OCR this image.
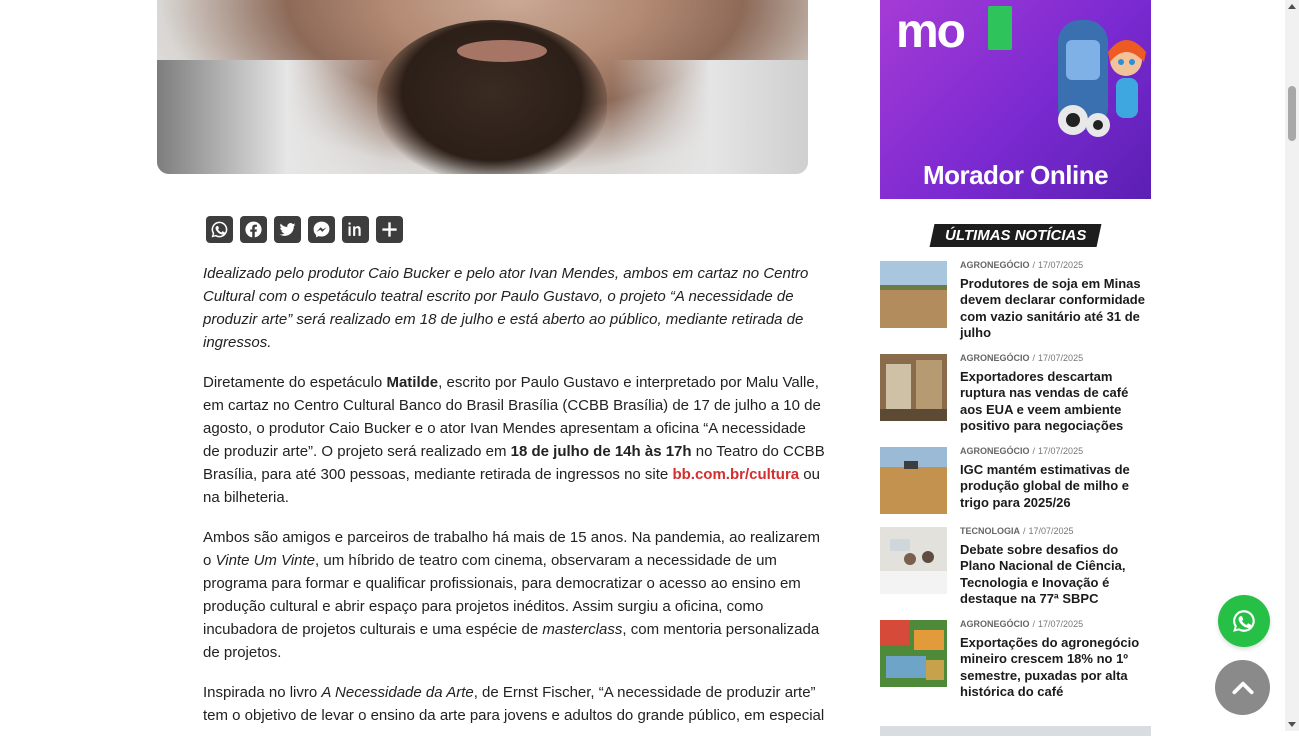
Idealizado pelo produtor Caio Bucker e pelo ator Ivan Mendes, ambos em cartaz no Centro Cultural com o espetáculo teatral escrito por Paulo Gustavo, o projeto “A necessidade de produzir arte” será realizado em 18 de julho e está aberto ao público, mediante retirada de ingressos.

Diretamente do espetáculo Matilde, escrito por Paulo Gustavo e interpretado por Malu Valle, em cartaz no Centro Cultural Banco do Brasil Brasília (CCBB Brasília) de 17 de julho a 10 de agosto, o produtor Caio Bucker e o ator Ivan Mendes apresentam a oficina “A necessidade de produzir arte”. O projeto será realizado em 18 de julho de 14h às 17h no Teatro do CCBB Brasília, para até 300 pessoas, mediante retirada de ingressos no site bb.com.br/cultura ou na bilheteria.

Ambos são amigos e parceiros de trabalho há mais de 15 anos. Na pandemia, ao realizarem o Vinte Um Vinte, um híbrido de teatro com cinema, observaram a necessidade de um programa para formar e qualificar profissionais, para democratizar o acesso ao ensino em produção cultural e abrir espaço para projetos inéditos. Assim surgiu a oficina, como incubadora de projetos culturais e uma espécie de masterclass, com mentoria personalizada de projetos.

Inspirada no livro A Necessidade da Arte, de Ernst Fischer, “A necessidade de produzir arte” tem o objetivo de levar o ensino da arte para jovens e adultos do grande público, em especial

mo
Morador Online
ÚLTIMAS NOTÍCIAS
AGRONEGÓCIO / 17/07/2025
Produtores de soja em Minas devem declarar conformidade com vazio sanitário até 31 de julho
AGRONEGÓCIO / 17/07/2025
Exportadores descartam ruptura nas vendas de café aos EUA e veem ambiente positivo para negociações
AGRONEGÓCIO / 17/07/2025
IGC mantém estimativas de produção global de milho e trigo para 2025/26
TECNOLOGIA / 17/07/2025
Debate sobre desafios do Plano Nacional de Ciência, Tecnologia e Inovação é destaque na 77ª SBPC
AGRONEGÓCIO / 17/07/2025
Exportações do agronegócio mineiro crescem 18% no 1º semestre, puxadas por alta histórica do café
